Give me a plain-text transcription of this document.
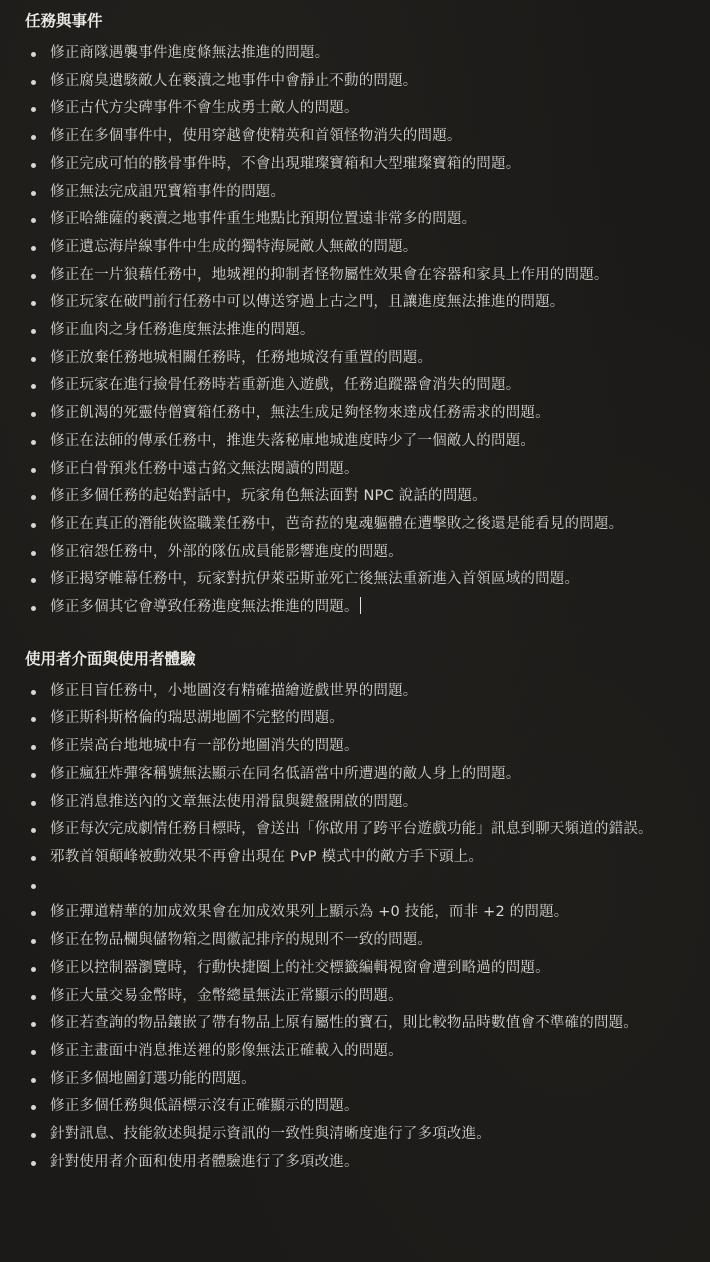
任務與事件
修正商隊遇襲事件進度條無法推進的問題。
修正腐臭遺駭敵人在褻瀆之地事件中會靜止不動的問題。
修正古代方尖碑事件不會生成勇士敵人的問題。
修正在多個事件中，使用穿越會使精英和首領怪物消失的問題。
修正完成可怕的骸骨事件時，不會出現璀璨寶箱和大型璀璨寶箱的問題。
修正無法完成詛咒寶箱事件的問題。
修正哈維薩的褻瀆之地事件重生地點比預期位置遠非常多的問題。
修正遺忘海岸線事件中生成的獨特海屍敵人無敵的問題。
修正在一片狼藉任務中，地城裡的抑制者怪物屬性效果會在容器和家具上作用的問題。
修正玩家在破門前行任務中可以傳送穿過上古之門，且讓進度無法推進的問題。
修正血肉之身任務進度無法推進的問題。
修正放棄任務地城相關任務時，任務地城沒有重置的問題。
修正玩家在進行撿骨任務時若重新進入遊戲，任務追蹤器會消失的問題。
修正飢渴的死靈侍僧寶箱任務中，無法生成足夠怪物來達成任務需求的問題。
修正在法師的傳承任務中，推進失落秘庫地城進度時少了一個敵人的問題。
修正白骨預兆任務中遠古銘文無法閱讀的問題。
修正多個任務的起始對話中，玩家角色無法面對 NPC 說話的問題。
修正在真正的潛能俠盜職業任務中，芭奇菈的鬼魂軀體在遭擊敗之後還是能看見的問題。
修正宿怨任務中，外部的隊伍成員能影響進度的問題。
修正揭穿帷幕任務中，玩家對抗伊萊亞斯並死亡後無法重新進入首領區域的問題。
修正多個其它會導致任務進度無法推進的問題。
使用者介面與使用者體驗
修正目盲任務中，小地圖沒有精確描繪遊戲世界的問題。
修正斯科斯格倫的瑞思湖地圖不完整的問題。
修正崇高台地地城中有一部份地圖消失的問題。
修正瘋狂炸彈客稱號無法顯示在同名低語當中所遭遇的敵人身上的問題。
修正消息推送內的文章無法使用滑鼠與鍵盤開啟的問題。
修正每次完成劇情任務目標時，會送出「你啟用了跨平台遊戲功能」訊息到聊天頻道的錯誤。
邪教首領顛峰被動效果不再會出現在 PvP 模式中的敵方手下頭上。

修正彈道精華的加成效果會在加成效果列上顯示為 +0 技能，而非 +2 的問題。
修正在物品欄與儲物箱之間徽記排序的規則不一致的問題。
修正以控制器瀏覽時，行動快捷圈上的社交標籤編輯視窗會遭到略過的問題。
修正大量交易金幣時，金幣總量無法正常顯示的問題。
修正若查詢的物品鑲嵌了帶有物品上原有屬性的寶石，則比較物品時數值會不準確的問題。
修正主畫面中消息推送裡的影像無法正確載入的問題。
修正多個地圖釘選功能的問題。
修正多個任務與低語標示沒有正確顯示的問題。
針對訊息、技能敘述與提示資訊的一致性與清晰度進行了多項改進。
針對使用者介面和使用者體驗進行了多項改進。
